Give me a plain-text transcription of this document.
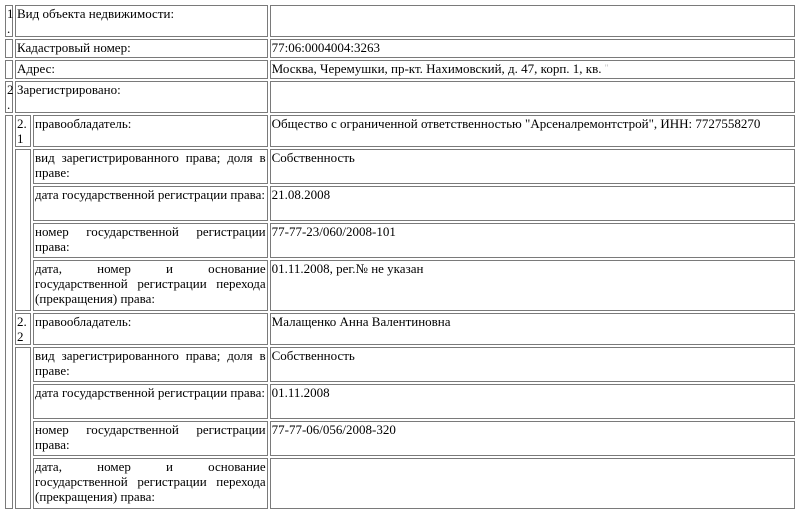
1.	Вид объекта недвижимости:		
	Кадастровый номер:		77:06:0004004:3263
	Адрес:		Москва, Черемушки, пр-кт. Нахимовский, д. 47, корп. 1, кв. "
2.	Зарегистрировано:		
	2.1	правообладатель:	Общество с ограниченной ответственностью "Арсеналремонтстрой", ИНН: 7727558270
		вид зарегистрированного права; доля в праве:	Собственность
		дата государственной регистрации права:	21.08.2008
		номер государственной регистрации права:	77-77-23/060/2008-101
		дата, номер и основание государственной регистрации перехода (прекращения) права:	01.11.2008, рег.№ не указан
	2.2	правообладатель:	Малащенко Анна Валентиновна
		вид зарегистрированного права; доля в праве:	Собственность
		дата государственной регистрации права:	01.11.2008
		номер государственной регистрации права:	77-77-06/056/2008-320
		дата, номер и основание государственной регистрации перехода (прекращения) права:	
